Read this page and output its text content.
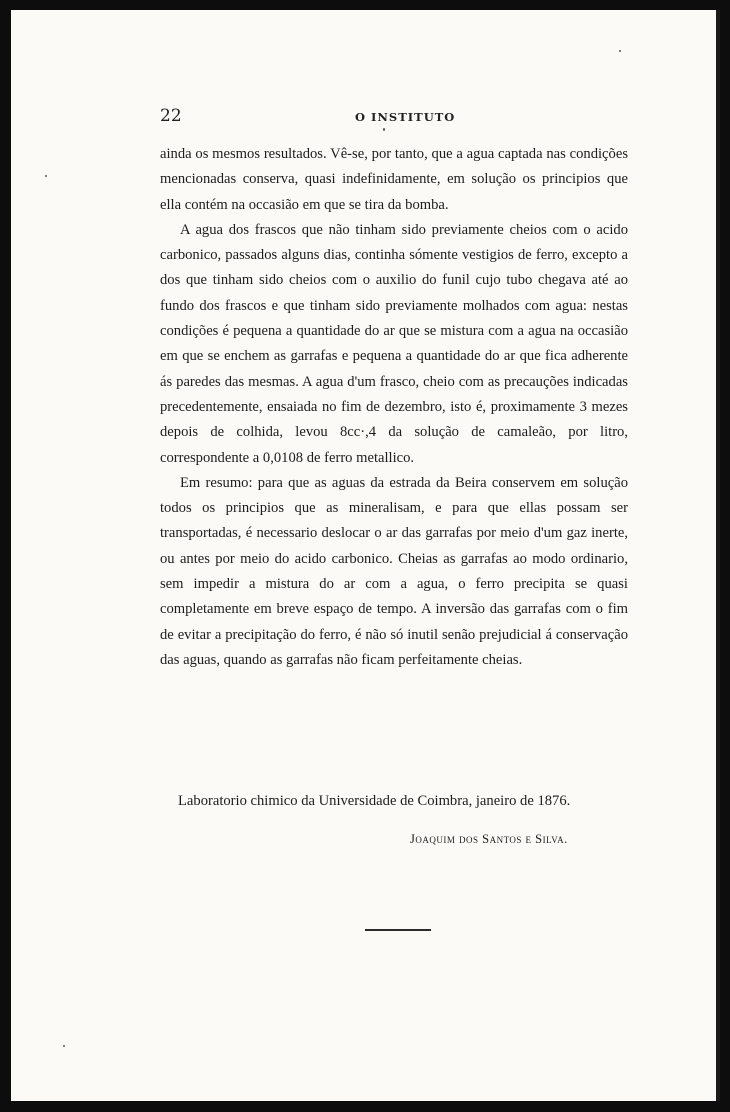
22	O INSTITUTO

ainda os mesmos resultados. Vê-se, por tanto, que a agua captada nas condições mencionadas conserva, quasi indefinidamente, em solução os principios que ella contém na occasião em que se tira da bomba.

A agua dos frascos que não tinham sido previamente cheios com o acido carbonico, passados alguns dias, continha sómente vestigios de ferro, excepto a dos que tinham sido cheios com o auxilio do funil cujo tubo chegava até ao fundo dos frascos e que tinham sido previamente molhados com agua: nestas condições é pequena a quantidade do ar que se mistura com a agua na occasião em que se enchem as garrafas e pequena a quantidade do ar que fica adherente ás paredes das mesmas. A agua d'um frasco, cheio com as precauções indicadas precedentemente, ensaiada no fim de dezembro, isto é, proximamente 3 mezes depois de colhida, levou 8cc·,4 da solução de camaleão, por litro, correspondente a 0,0108 de ferro metallico.

Em resumo: para que as aguas da estrada da Beira conservem em solução todos os principios que as mineralisam, e para que ellas possam ser transportadas, é necessario deslocar o ar das garrafas por meio d'um gaz inerte, ou antes por meio do acido carbonico. Cheias as garrafas ao modo ordinario, sem impedir a mistura do ar com a agua, o ferro precipita se quasi completamente em breve espaço de tempo. A inversão das garrafas com o fim de evitar a precipitação do ferro, é não só inutil senão prejudicial á conservação das aguas, quando as garrafas não ficam perfeitamente cheias.

Laboratorio chimico da Universidade de Coimbra, janeiro de 1876.
Joaquim dos Santos e Silva.
